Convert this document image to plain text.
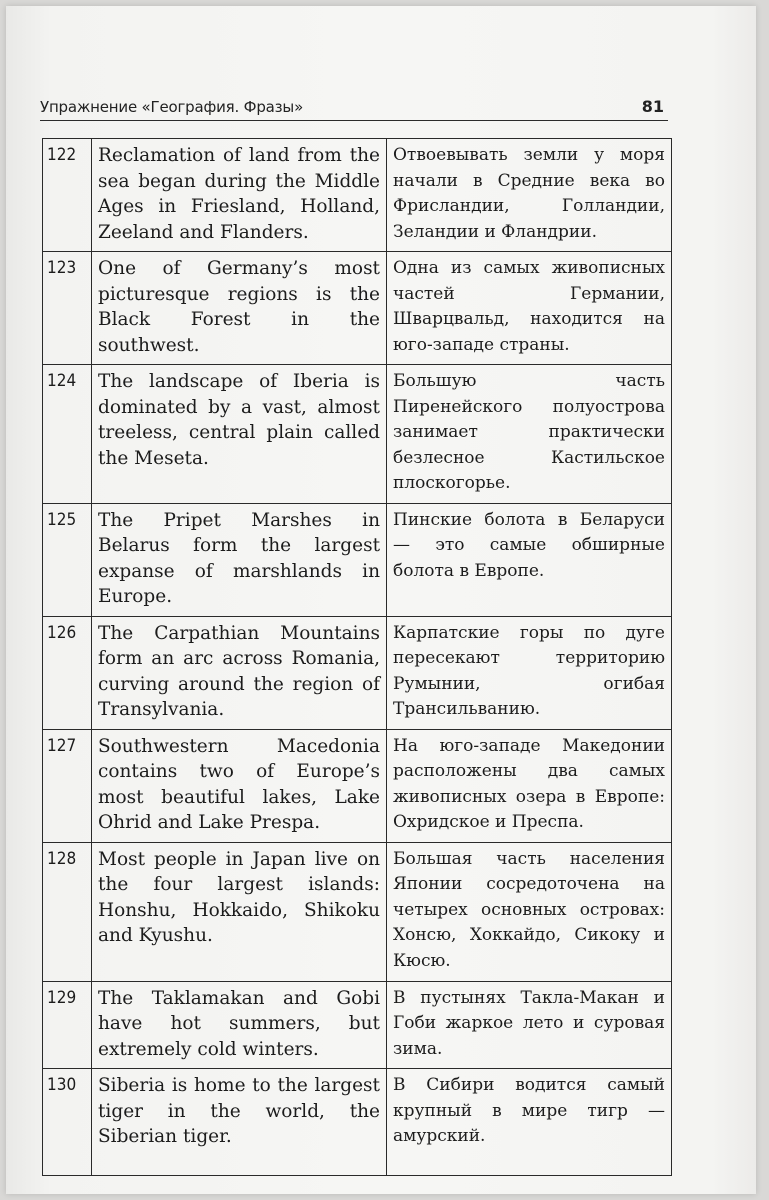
Упражнение «География. Фразы»	81
122	Reclamation of land from the sea began during the Middle Ages in Friesland, Holland, Zeeland and Flanders.	Отвоевывать земли у моря начали в Средние века во Фрисландии, Голландии, Зеландии и Фландрии.
123	One of Germany’s most picturesque regions is the Black Forest in the southwest.	Одна из самых живописных частей Германии, Шварцвальд, находится на юго-западе страны.
124	The landscape of Iberia is dominated by a vast, almost treeless, central plain called the Meseta.	Большую часть Пиренейского полуострова занимает практически безлесное Кастильское плоскогорье.
125	The Pripet Marshes in Belarus form the largest expanse of marshlands in Europe.	Пинские болота в Беларуси — это самые обширные болота в Европе.
126	The Carpathian Mountains form an arc across Romania, curving around the region of Transylvania.	Карпатские горы по дуге пересекают территорию Румынии, огибая Трансильванию.
127	Southwestern Macedonia contains two of Europe’s most beautiful lakes, Lake Ohrid and Lake Prespa.	На юго-западе Македонии расположены два самых живописных озера в Европе: Охридское и Преспа.
128	Most people in Japan live on the four largest islands: Honshu, Hokkaido, Shikoku and Kyushu.	Большая часть населения Японии сосредоточена на четырех основных островах: Хонсю, Хоккайдо, Сикоку и Кюсю.
129	The Taklamakan and Gobi have hot summers, but extremely cold winters.	В пустынях Такла-Макан и Гоби жаркое лето и суровая зима.
130	Siberia is home to the largest tiger in the world, the Siberian tiger.	В Сибири водится самый крупный в мире тигр — амурский.
